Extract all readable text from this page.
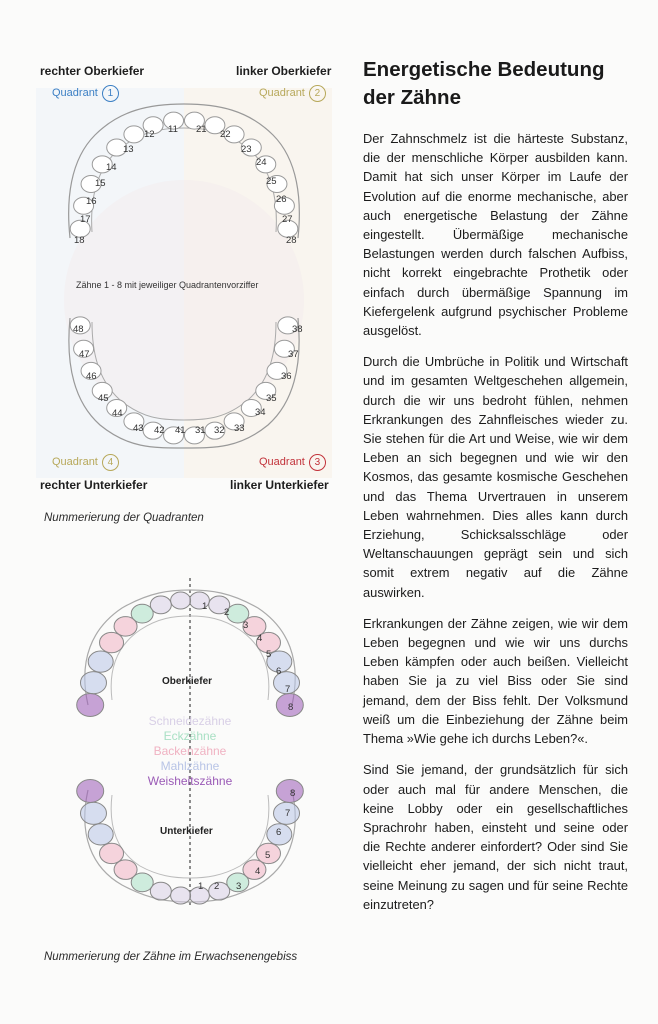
11
12
13
14
15
16
17
18
21 22
23
24
25
26
27
28
31 32 33
34
35
36
37
38
41
42
43
44
45
46
47
48
rechter Oberkiefer	linker Oberkiefer
Quadrant 1	Quadrant 2
Zähne 1 - 8 mit jeweiliger Quadrantenvorziffer
Quadrant 4	Quadrant 3
rechter Unterkiefer	linker Unterkiefer
Nummerierung der Quadranten
1
2
3
4
5
6
7
8
1 2 3
4
5
6
7
8
Oberkiefer
Schneidezähne
Eckzähne
Backenzähne
Mahlzähne
Weisheitszähne
Unterkiefer
Nummerierung der Zähne im Erwachsenengebiss
Energetische Bedeutung
der Zähne

Der Zahnschmelz ist die härteste Substanz, die der menschliche Körper ausbilden kann. Damit hat sich unser Körper im Laufe der Evolution auf die enorme mechanische, aber auch energetische Belastung der Zähne eingestellt. Übermäßige mechanische Belastungen werden durch falschen Aufbiss, nicht korrekt eingebrachte Prothetik oder einfach durch übermäßige Spannung im Kiefergelenk aufgrund psychischer Probleme ausgelöst.

Durch die Umbrüche in Politik und Wirtschaft und im gesamten Weltgeschehen allgemein, durch die wir uns bedroht fühlen, nehmen Erkrankungen des Zahnfleisches wieder zu. Sie stehen für die Art und Weise, wie wir dem Leben an sich begegnen und wie wir den Kosmos, das gesamte kosmische Geschehen und das Thema Urvertrauen in unserem Leben wahrnehmen. Dies alles kann durch Erziehung, Schicksalsschläge oder Weltanschauungen geprägt sein und sich somit extrem negativ auf die Zähne auswirken.

Erkrankungen der Zähne zeigen, wie wir dem Leben begegnen und wie wir uns durchs Leben kämpfen oder auch beißen. Vielleicht haben Sie ja zu viel Biss oder Sie sind jemand, dem der Biss fehlt. Der Volksmund weiß um die Einbeziehung der Zähne beim Thema »Wie gehe ich durchs Leben?«.

Sind Sie jemand, der grundsätzlich für sich oder auch mal für andere Menschen, die keine Lobby oder ein gesellschaftliches Sprachrohr haben, einsteht und seine oder die Rechte anderer einfordert? Oder sind Sie vielleicht eher jemand, der sich nicht traut, seine Meinung zu sagen und für seine Rechte einzutreten?
